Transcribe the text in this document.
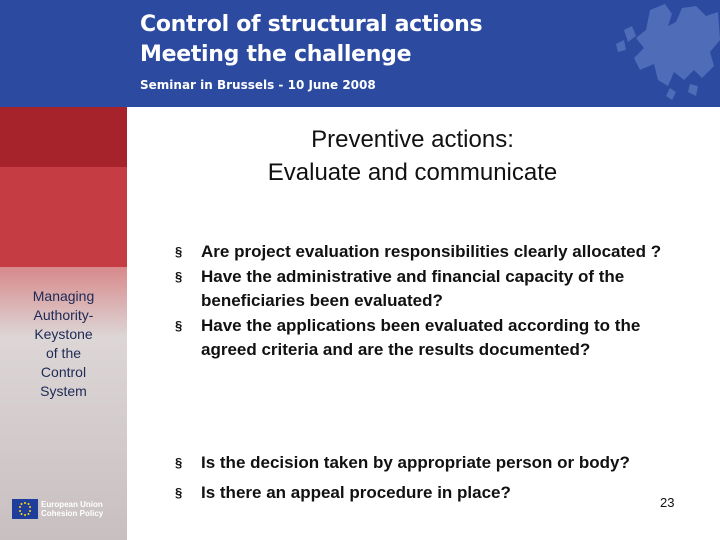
Control of structural actions
Meeting the challenge
Seminar in Brussels - 10 June 2008
Managing
Authority-
Keystone
of the
Control
System
European Union
Cohesion Policy
Preventive actions:
Evaluate and communicate
§ Are project evaluation responsibilities clearly allocated ?
§ Have the administrative and financial capacity of the beneficiaries been evaluated?
§ Have the applications been evaluated according to the agreed criteria and are the results documented?
§ Is the decision taken by appropriate person or body?
§ Is there an appeal procedure in place?
23
